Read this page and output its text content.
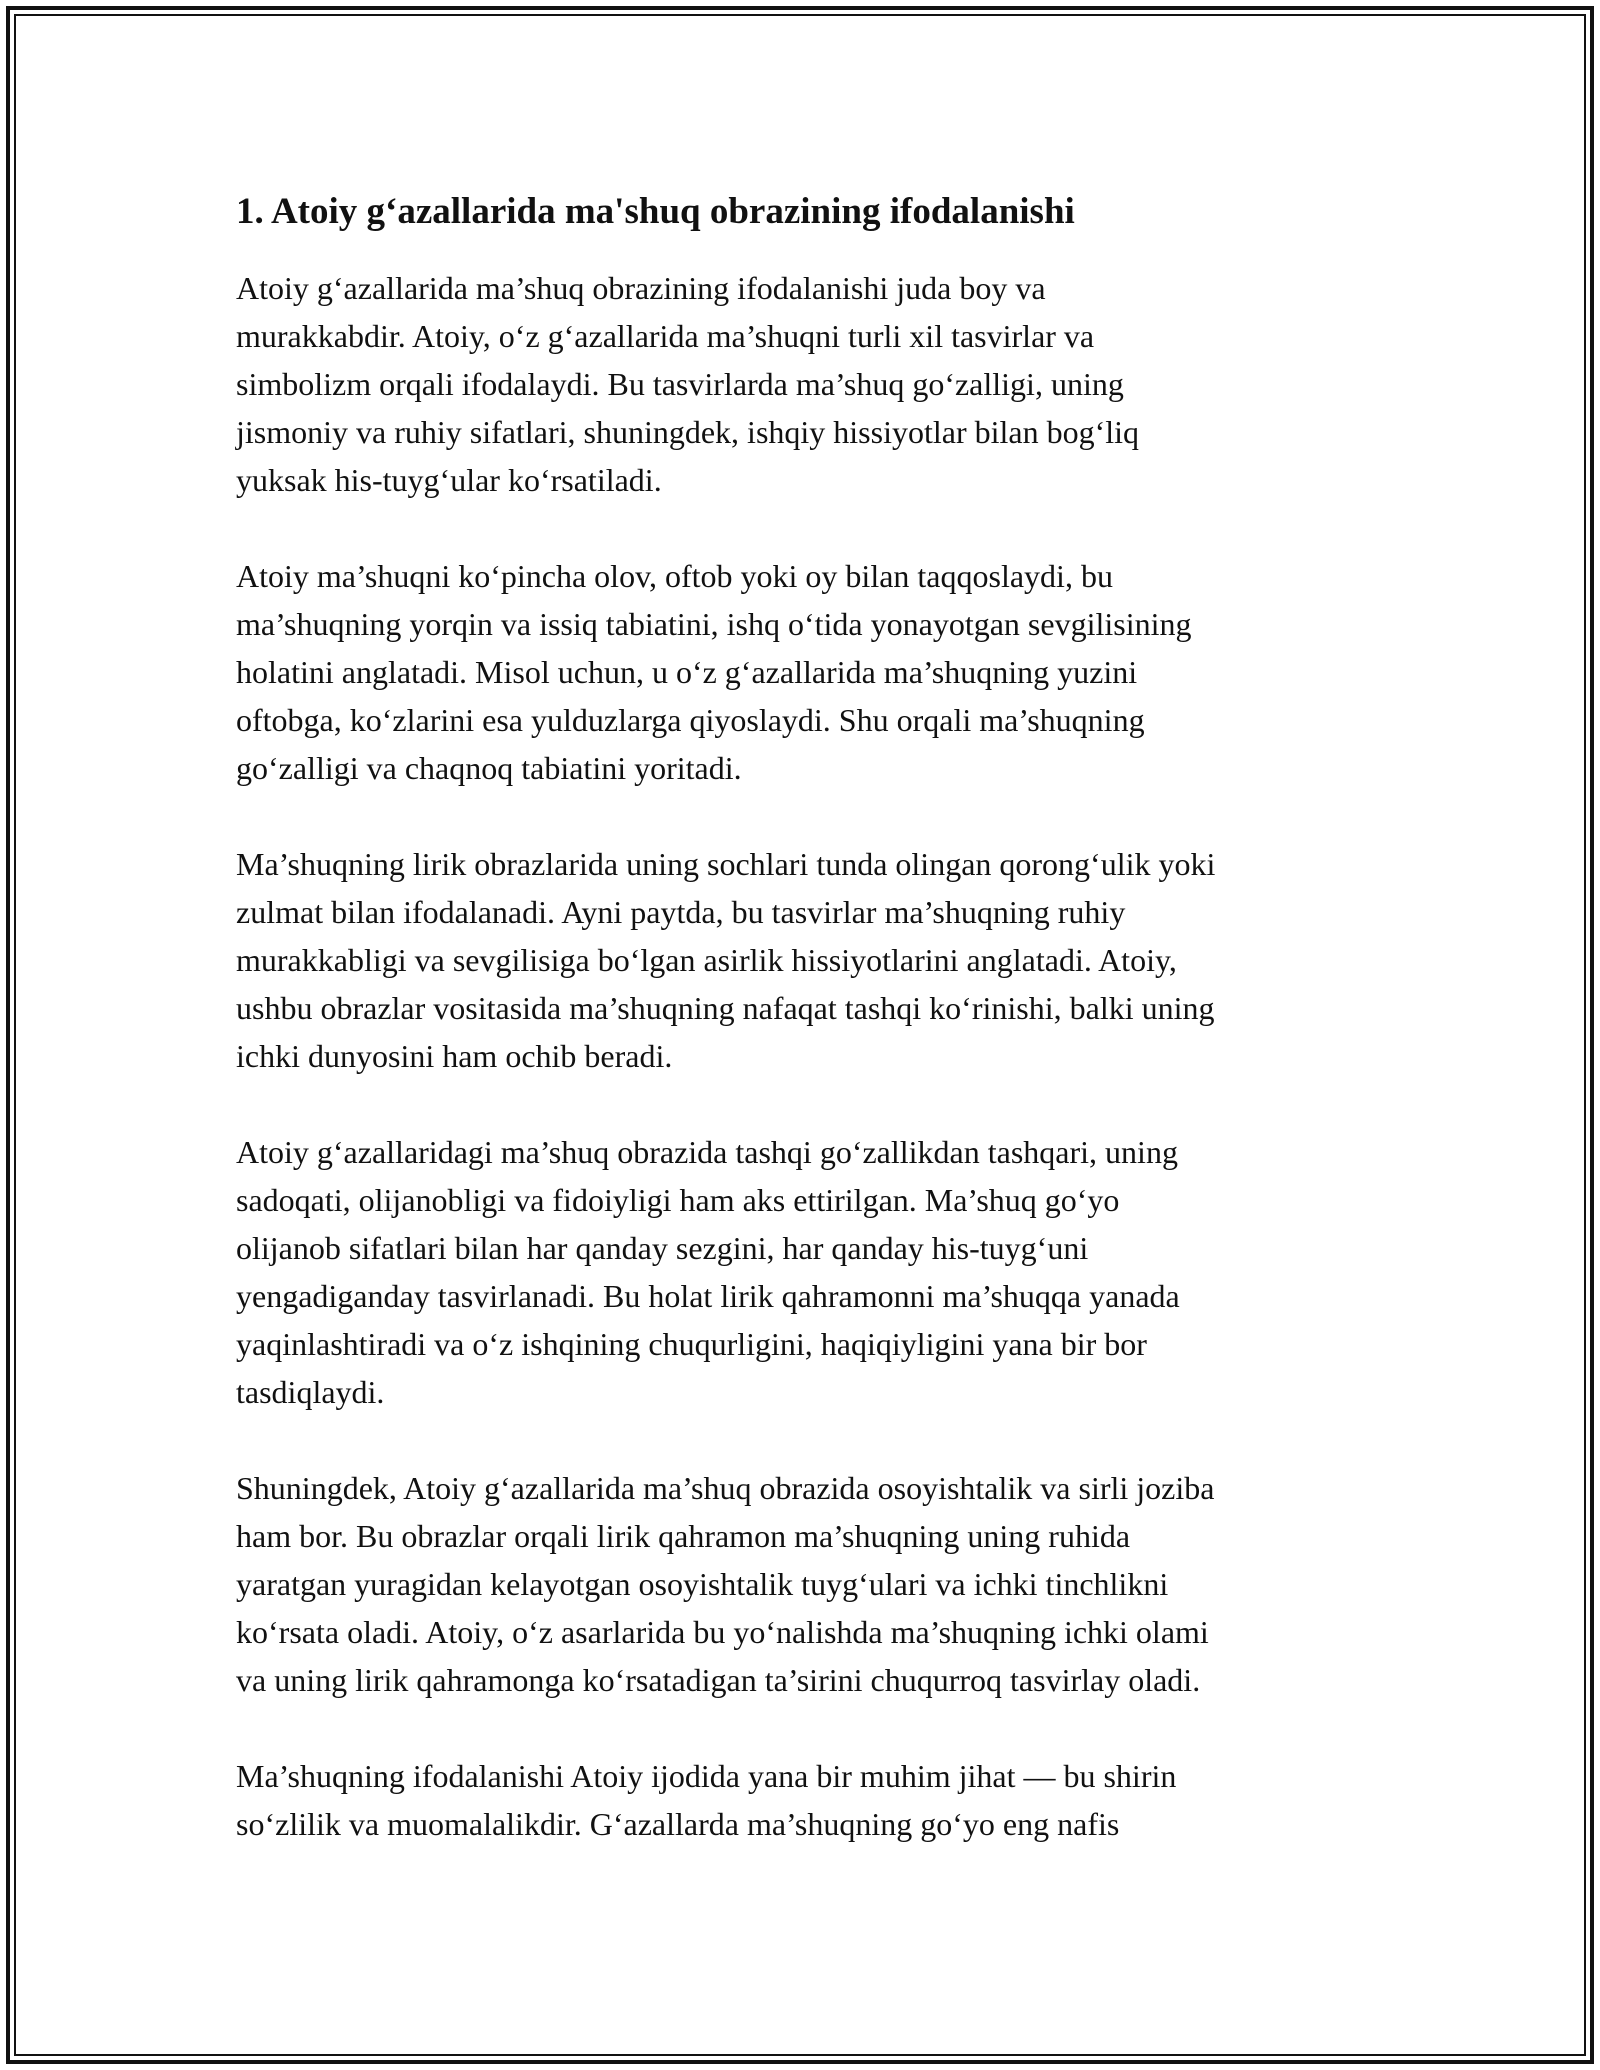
1. Atoiy g‘azallarida ma'shuq obrazining ifodalanishi

Atoiy g‘azallarida ma’shuq obrazining ifodalanishi juda boy va
murakkabdir. Atoiy, o‘z g‘azallarida ma’shuqni turli xil tasvirlar va
simbolizm orqali ifodalaydi. Bu tasvirlarda ma’shuq go‘zalligi, uning
jismoniy va ruhiy sifatlari, shuningdek, ishqiy hissiyotlar bilan bog‘liq
yuksak his-tuyg‘ular ko‘rsatiladi.

Atoiy ma’shuqni ko‘pincha olov, oftob yoki oy bilan taqqoslaydi, bu
ma’shuqning yorqin va issiq tabiatini, ishq o‘tida yonayotgan sevgilisining
holatini anglatadi. Misol uchun, u o‘z g‘azallarida ma’shuqning yuzini
oftobga, ko‘zlarini esa yulduzlarga qiyoslaydi. Shu orqali ma’shuqning
go‘zalligi va chaqnoq tabiatini yoritadi.

Ma’shuqning lirik obrazlarida uning sochlari tunda olingan qorong‘ulik yoki
zulmat bilan ifodalanadi. Ayni paytda, bu tasvirlar ma’shuqning ruhiy
murakkabligi va sevgilisiga bo‘lgan asirlik hissiyotlarini anglatadi. Atoiy,
ushbu obrazlar vositasida ma’shuqning nafaqat tashqi ko‘rinishi, balki uning
ichki dunyosini ham ochib beradi.

Atoiy g‘azallaridagi ma’shuq obrazida tashqi go‘zallikdan tashqari, uning
sadoqati, olijanobligi va fidoiyligi ham aks ettirilgan. Ma’shuq go‘yo
olijanob sifatlari bilan har qanday sezgini, har qanday his-tuyg‘uni
yengadiganday tasvirlanadi. Bu holat lirik qahramonni ma’shuqqa yanada
yaqinlashtiradi va o‘z ishqining chuqurligini, haqiqiyligini yana bir bor
tasdiqlaydi.

Shuningdek, Atoiy g‘azallarida ma’shuq obrazida osoyishtalik va sirli joziba
ham bor. Bu obrazlar orqali lirik qahramon ma’shuqning uning ruhida
yaratgan yuragidan kelayotgan osoyishtalik tuyg‘ulari va ichki tinchlikni
ko‘rsata oladi. Atoiy, o‘z asarlarida bu yo‘nalishda ma’shuqning ichki olami
va uning lirik qahramonga ko‘rsatadigan ta’sirini chuqurroq tasvirlay oladi.

Ma’shuqning ifodalanishi Atoiy ijodida yana bir muhim jihat — bu shirin
so‘zlilik va muomalalikdir. G‘azallarda ma’shuqning go‘yo eng nafis
